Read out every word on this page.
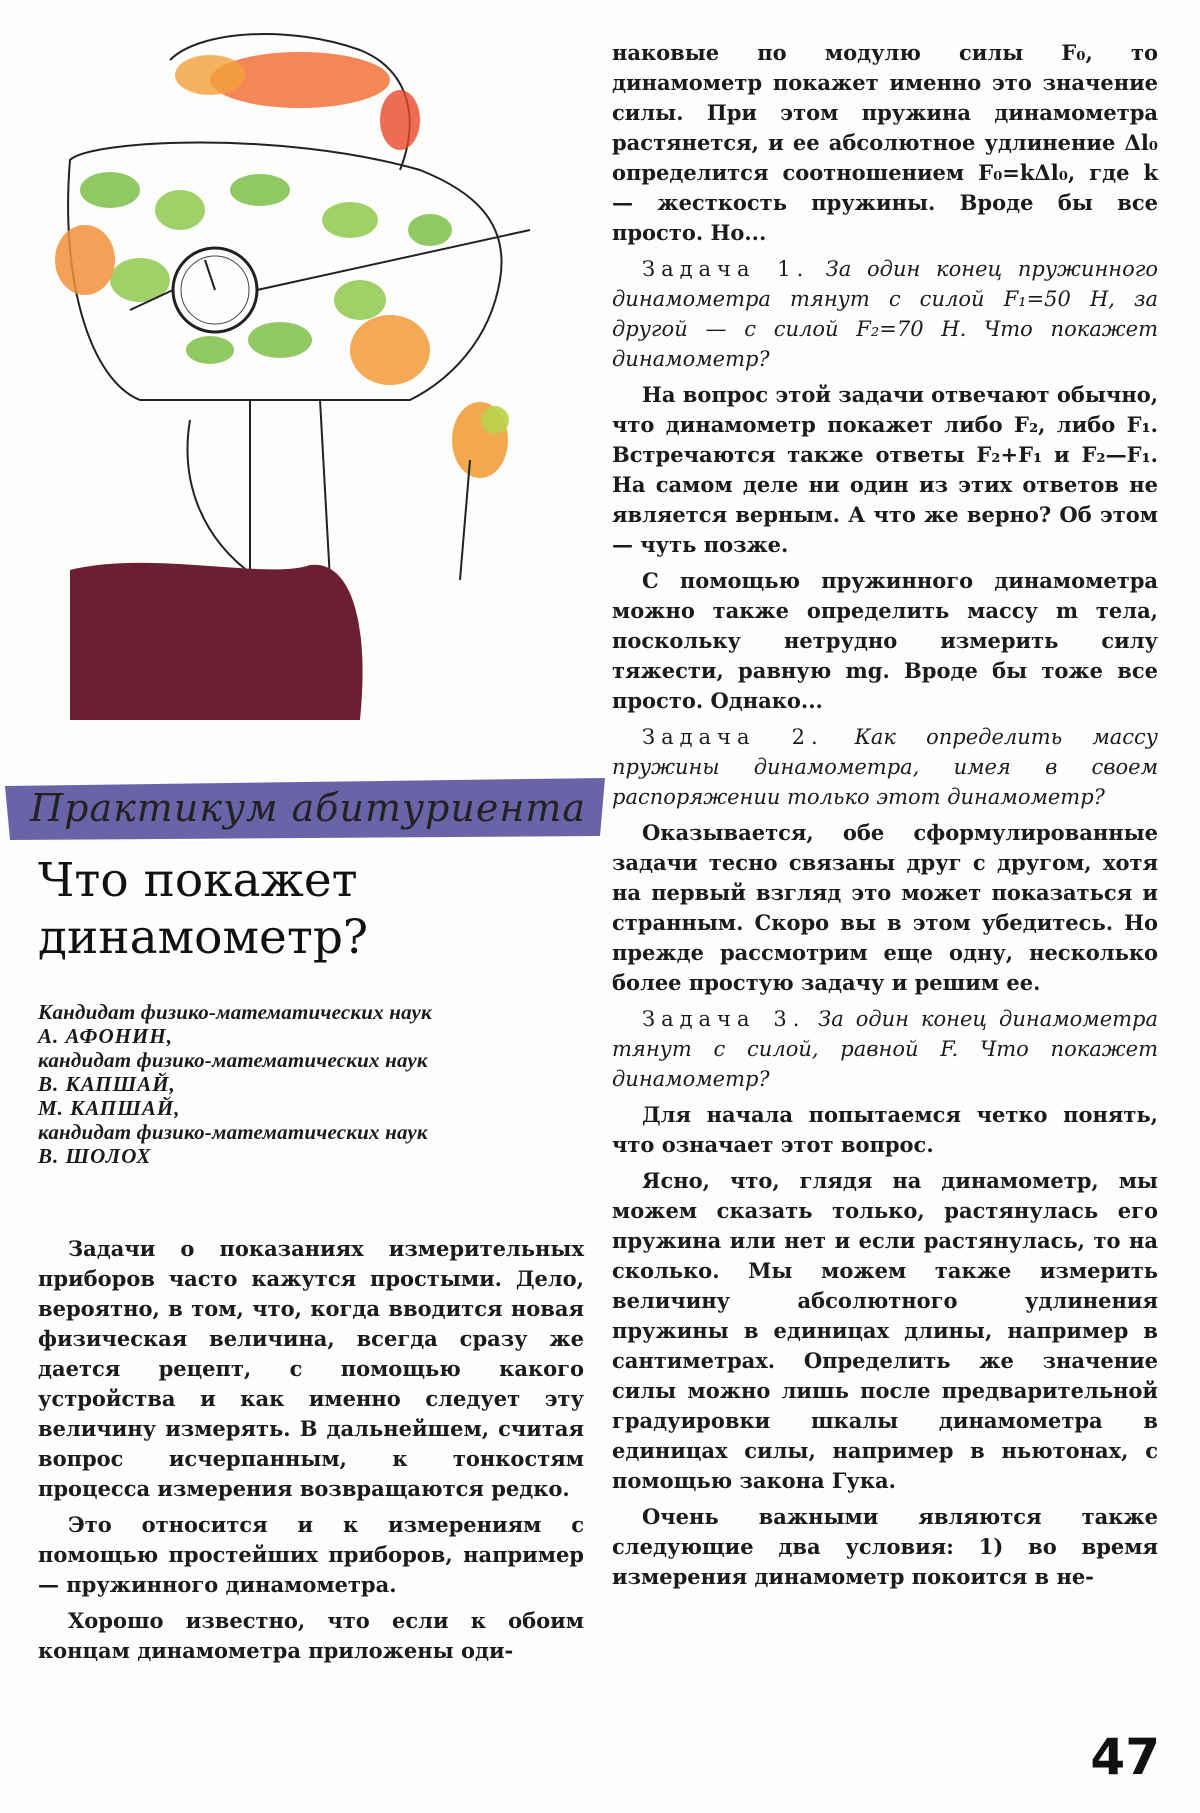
Практикум абитуриента
Что покажет
динамометр?
Кандидат физико-математических наук
А. АФОНИН,
кандидат физико-математических наук
В. КАПШАЙ,
М. КАПШАЙ,
кандидат физико-математических наук
В. ШОЛОХ

Задачи о показаниях измерительных приборов часто кажутся простыми. Дело, вероятно, в том, что, когда вводится новая физическая величина, всегда сразу же дается рецепт, с помощью какого устройства и как именно следует эту величину измерять. В дальнейшем, считая вопрос исчерпанным, к тонкостям процесса измерения возвращаются редко.

Это относится и к измерениям с помощью простейших приборов, например — пружинного динамометра.

Хорошо известно, что если к обоим концам динамометра приложены оди-

наковые по модулю силы F₀, то динамометр покажет именно это значение силы. При этом пружина динамометра растянется, и ее абсолютное удлинение Δl₀ определится соотношением F₀=kΔl₀, где k — жесткость пружины. Вроде бы все просто. Но...

Задача 1. За один конец пружинного динамометра тянут с силой F₁=50 Н, за другой — с силой F₂=70 Н. Что покажет динамометр?

На вопрос этой задачи отвечают обычно, что динамометр покажет либо F₂, либо F₁. Встречаются также ответы F₂+F₁ и F₂—F₁. На самом деле ни один из этих ответов не является верным. А что же верно? Об этом — чуть позже.

С помощью пружинного динамометра можно также определить массу m тела, поскольку нетрудно измерить силу тяжести, равную mg. Вроде бы тоже все просто. Однако...

Задача 2. Как определить массу пружины динамометра, имея в своем распоряжении только этот динамометр?

Оказывается, обе сформулированные задачи тесно связаны друг с другом, хотя на первый взгляд это может показаться и странным. Скоро вы в этом убедитесь. Но прежде рассмотрим еще одну, несколько более простую задачу и решим ее.

Задача 3. За один конец динамометра тянут с силой, равной F. Что покажет динамометр?

Для начала попытаемся четко понять, что означает этот вопрос.

Ясно, что, глядя на динамометр, мы можем сказать только, растянулась его пружина или нет и если растянулась, то на сколько. Мы можем также измерить величину абсолютного удлинения пружины в единицах длины, например в сантиметрах. Определить же значение силы можно лишь после предварительной градуировки шкалы динамометра в единицах силы, например в ньютонах, с помощью закона Гука.

Очень важными являются также следующие два условия: 1) во время измерения динамометр покоится в не-

47
